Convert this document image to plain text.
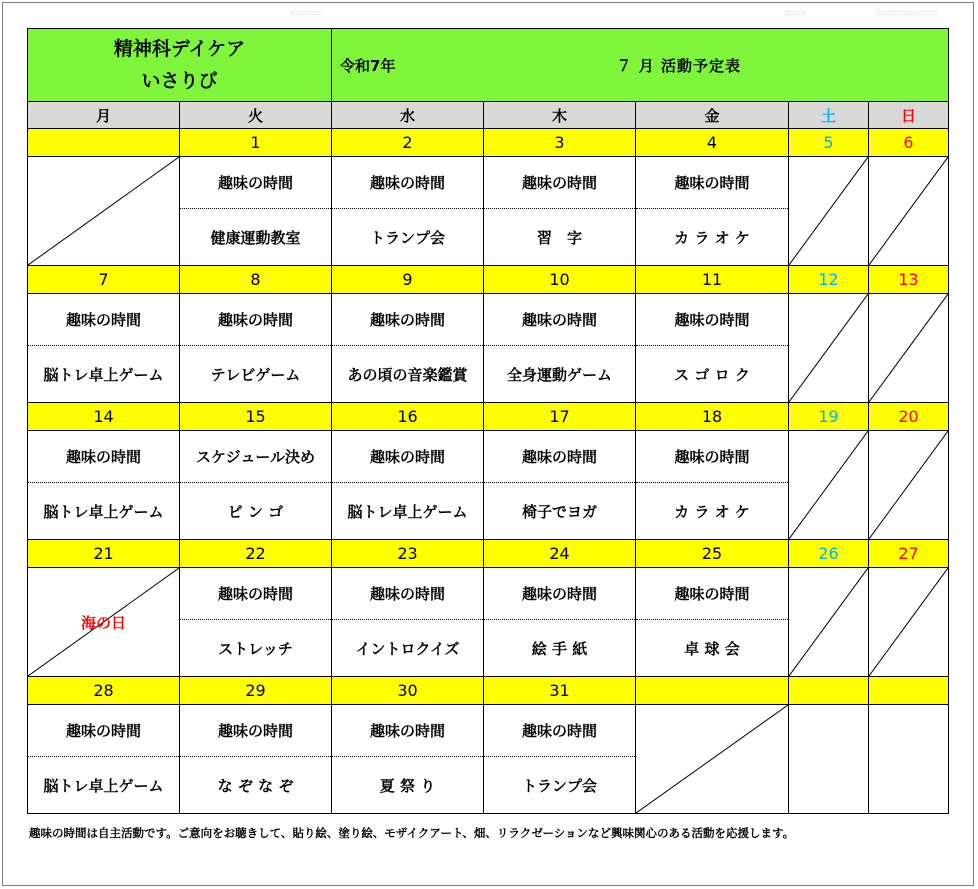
▭▭▭	▭▭	▭▭▭▭▭▭
精神科デイケア
いさりび		令和7年	７ 月 活動予定表			
月	火	水	木	金	土	日
	1	2	3	4	5	6

	趣味の時間	趣味の時間	趣味の時間	趣味の時間	

	健康運動教室	トランプ会	習　字	カ ラ オ ケ		
7	8	9	10	11	12	13
趣味の時間	趣味の時間	趣味の時間	趣味の時間	趣味の時間	

脳トレ卓上ゲーム	テレビゲーム	あの頃の音楽鑑賞	全身運動ゲーム	ス ゴ ロ ク		
14	15	16	17	18	19	20
趣味の時間	スケジュール決め	趣味の時間	趣味の時間	趣味の時間	

脳トレ卓上ゲーム	ビ ン ゴ	脳トレ卓上ゲーム	椅子でヨガ	カ ラ オ ケ		
21	22	23	24	25	26	27

海の日	趣味の時間	趣味の時間	趣味の時間	趣味の時間	

	ストレッチ	イントロクイズ	絵 手 紙	卓 球 会		
28	29	30	31			
趣味の時間	趣味の時間	趣味の時間	趣味の時間	

脳トレ卓上ゲーム	な ぞ な ぞ	夏 祭 り	トランプ会			
趣味の時間は自主活動です。ご意向をお聴きして、貼り絵、塗り絵、モザイクアート、畑、リラクゼーションなど興味関心のある活動を応援します。
